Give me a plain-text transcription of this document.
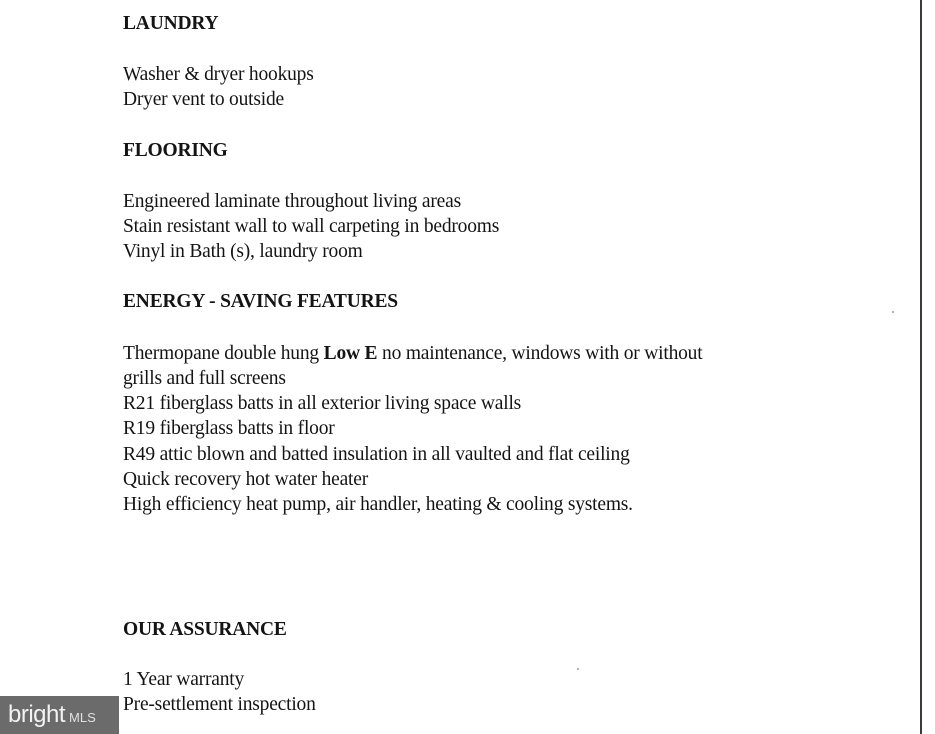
LAUNDRY
Washer & dryer hookups
Dryer vent to outside
FLOORING
Engineered laminate throughout living areas
Stain resistant wall to wall carpeting in bedrooms
Vinyl in Bath (s), laundry room
ENERGY - SAVING FEATURES
Thermopane double hung Low E no maintenance, windows with or without
grills and full screens
R21 fiberglass batts in all exterior living space walls
R19 fiberglass batts in floor
R49 attic blown and batted insulation in all vaulted and flat ceiling
Quick recovery hot water heater
High efficiency heat pump, air handler, heating & cooling systems.
OUR ASSURANCE
1 Year warranty
Pre-settlement inspection
bright MLS
